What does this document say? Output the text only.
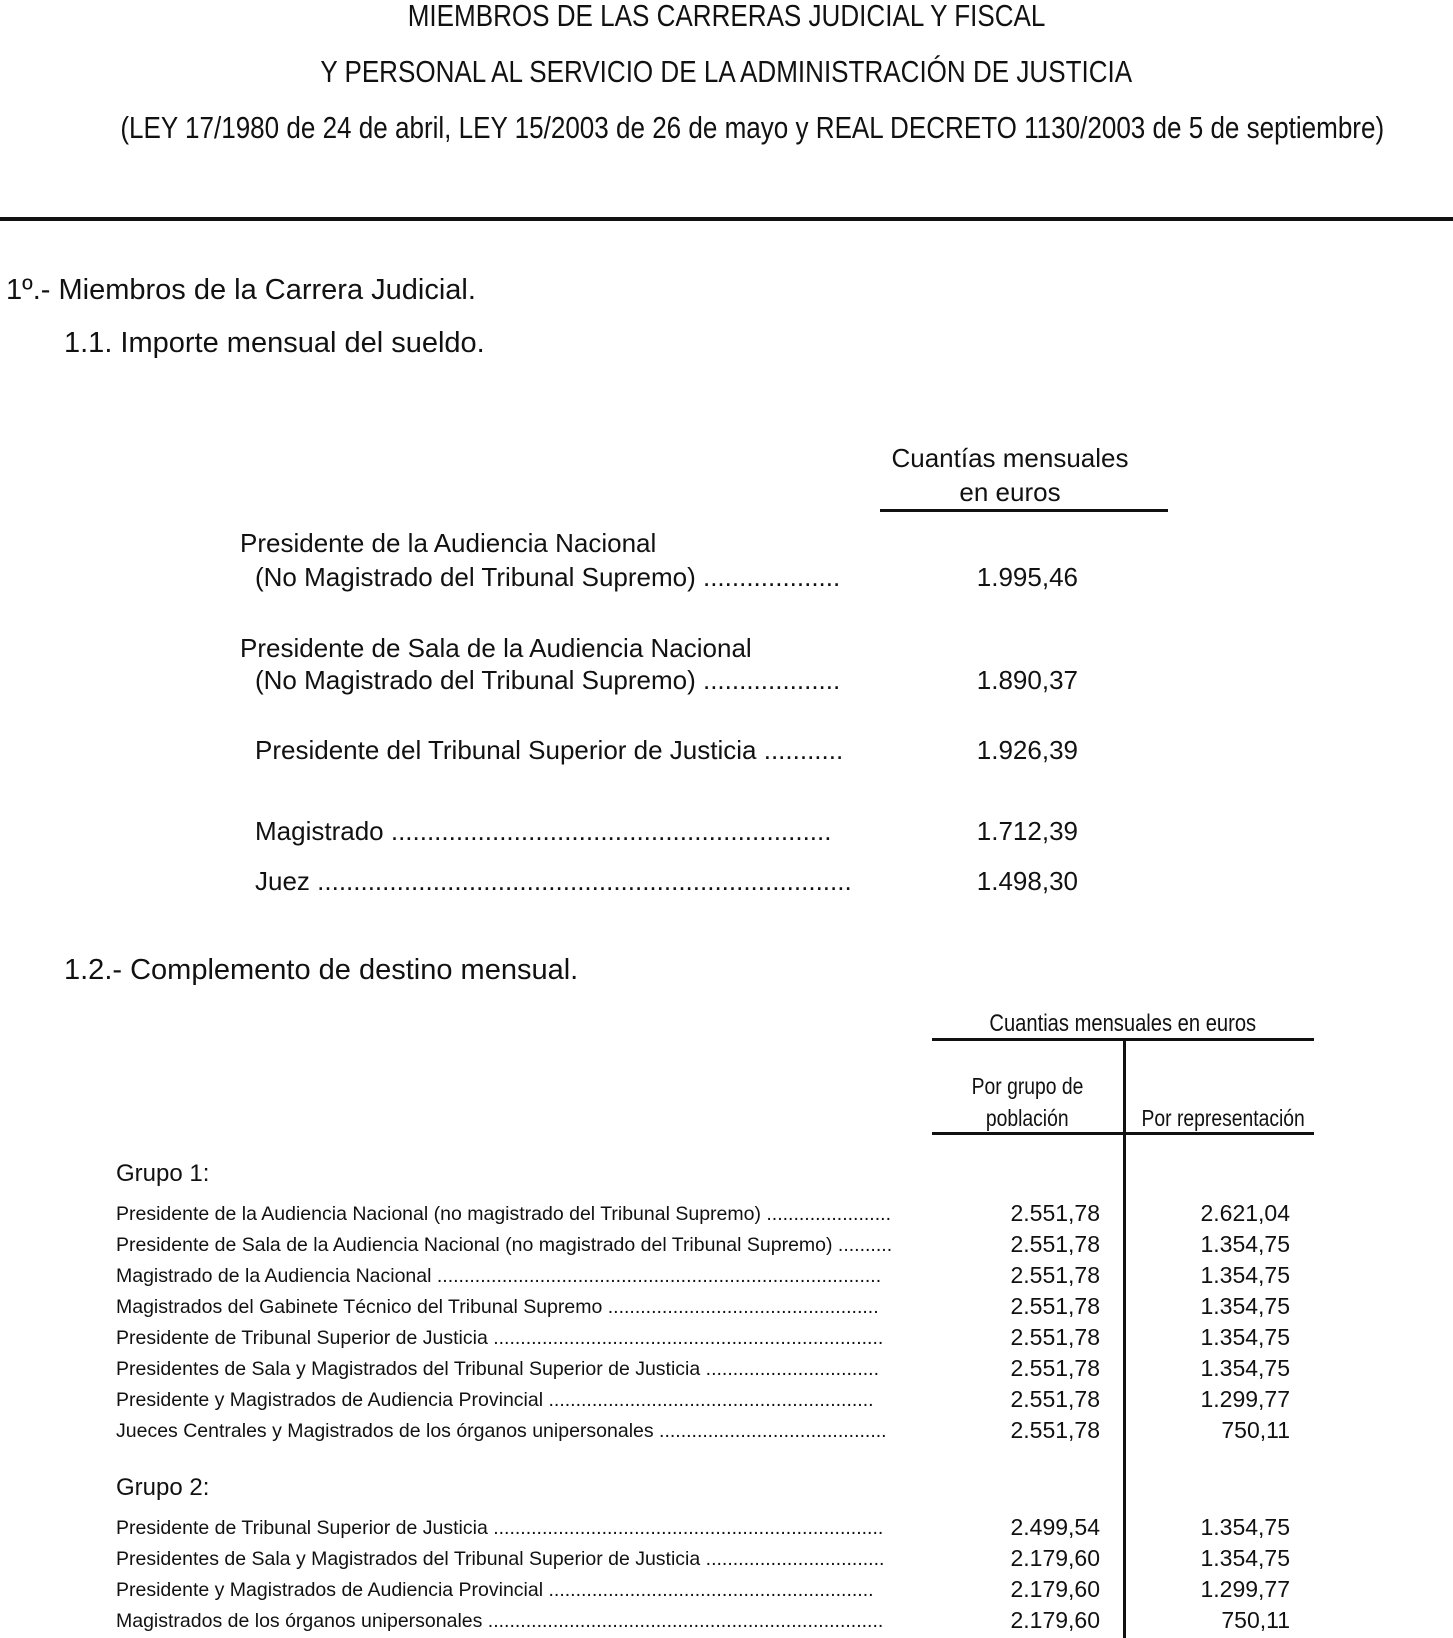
MIEMBROS DE LAS CARRERAS JUDICIAL Y FISCAL
Y PERSONAL AL SERVICIO DE LA ADMINISTRACIÓN DE JUSTICIA
(LEY 17/1980 de 24 de abril, LEY 15/2003 de 26 de mayo y REAL DECRETO 1130/2003 de 5 de septiembre)
1º.- Miembros de la Carrera Judicial.
1.1. Importe mensual del sueldo.
Cuantías mensuales
en euros
Presidente de la Audiencia Nacional
(No Magistrado del Tribunal Supremo) ...................	1.995,46
Presidente de Sala de la Audiencia Nacional
(No Magistrado del Tribunal Supremo) ...................	1.890,37
Presidente del Tribunal Superior de Justicia ...........	1.926,39
Magistrado .............................................................	1.712,39
Juez ..........................................................................	1.498,30
1.2.- Complemento de destino mensual.
Cuantias mensuales en euros
Por grupo de
población	Por representación
Grupo 1:
Presidente de la Audiencia Nacional (no magistrado del Tribunal Supremo) .......................	2.551,78	2.621,04
Presidente de Sala de la Audiencia Nacional (no magistrado del Tribunal Supremo) ..........	2.551,78	1.354,75
Magistrado de la Audiencia Nacional ..................................................................................	2.551,78	1.354,75
Magistrados del Gabinete Técnico del Tribunal Supremo ..................................................	2.551,78	1.354,75
Presidente de Tribunal Superior de Justicia ........................................................................	2.551,78	1.354,75
Presidentes de Sala y Magistrados del Tribunal Superior de Justicia ................................	2.551,78	1.354,75
Presidente y Magistrados de Audiencia Provincial ............................................................	2.551,78	1.299,77
Jueces Centrales y Magistrados de los órganos unipersonales ..........................................	2.551,78	750,11
Grupo 2:
Presidente de Tribunal Superior de Justicia ........................................................................	2.499,54	1.354,75
Presidentes de Sala y Magistrados del Tribunal Superior de Justicia .................................	2.179,60	1.354,75
Presidente y Magistrados de Audiencia Provincial ............................................................	2.179,60	1.299,77
Magistrados de los órganos unipersonales .........................................................................	2.179,60	750,11
